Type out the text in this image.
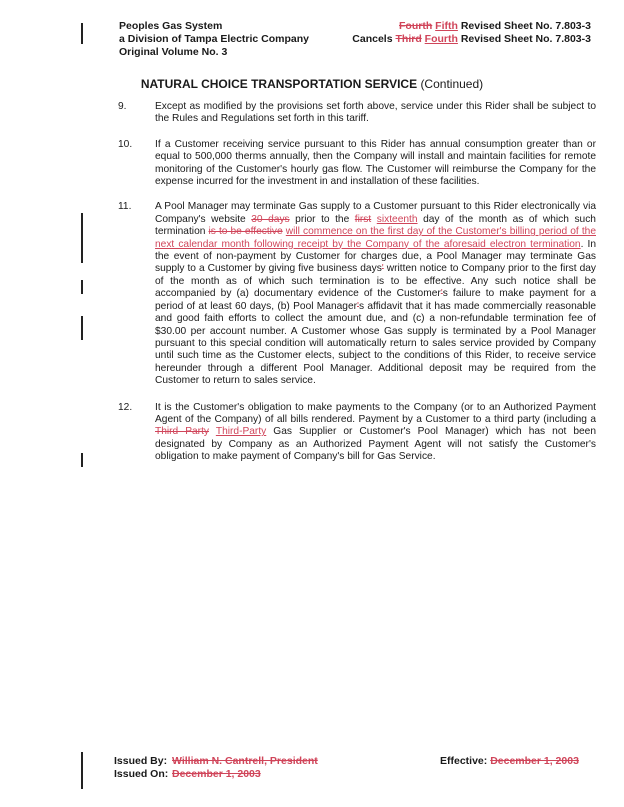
Peoples Gas System	Fourth Fifth Revised Sheet No. 7.803-3
a Division of Tampa Electric Company	Cancels Third Fourth Revised Sheet No. 7.803-3
Original Volume No. 3
NATURAL CHOICE TRANSPORTATION SERVICE (Continued)
9.	Except as modified by the provisions set forth above, service under this Rider shall be subject to the Rules and Regulations set forth in this tariff.
10.	If a Customer receiving service pursuant to this Rider has annual consumption greater than or equal to 500,000 therms annually, then the Company will install and maintain facilities for remote monitoring of the Customer's hourly gas flow. The Customer will reimburse the Company for the expense incurred for the investment in and installation of these facilities.
11.	A Pool Manager may terminate Gas supply to a Customer pursuant to this Rider electronically via Company's website 30 days prior to the first sixteenth day of the month as of which such termination is to be effective will commence on the first day of the Customer's billing period of the next calendar month following receipt by the Company of the aforesaid electron termination. In the event of non-payment by Customer for charges due, a Pool Manager may terminate Gas supply to a Customer by giving five business days' written notice to Company prior to the first day of the month as of which such termination is to be effective. Any such notice shall be accompanied by (a) documentary evidence of the Customer's failure to make payment for a period of at least 60 days, (b) Pool Manager's affidavit that it has made commercially reasonable and good faith efforts to collect the amount due, and (c) a non-refundable termination fee of $30.00 per account number. A Customer whose Gas supply is terminated by a Pool Manager pursuant to this special condition will automatically return to sales service provided by Company until such time as the Customer elects, subject to the conditions of this Rider, to receive service hereunder through a different Pool Manager. Additional deposit may be required from the Customer to return to sales service.
12.	It is the Customer's obligation to make payments to the Company (or to an Authorized Payment Agent of the Company) of all bills rendered. Payment by a Customer to a third party (including a Third Party Third-Party Gas Supplier or Customer's Pool Manager) which has not been designated by Company as an Authorized Payment Agent will not satisfy the Customer's obligation to make payment of Company's bill for Gas Service.
Issued By: William N. Cantrell, President
Issued On: December 1, 2003
Effective: December 1, 2003
